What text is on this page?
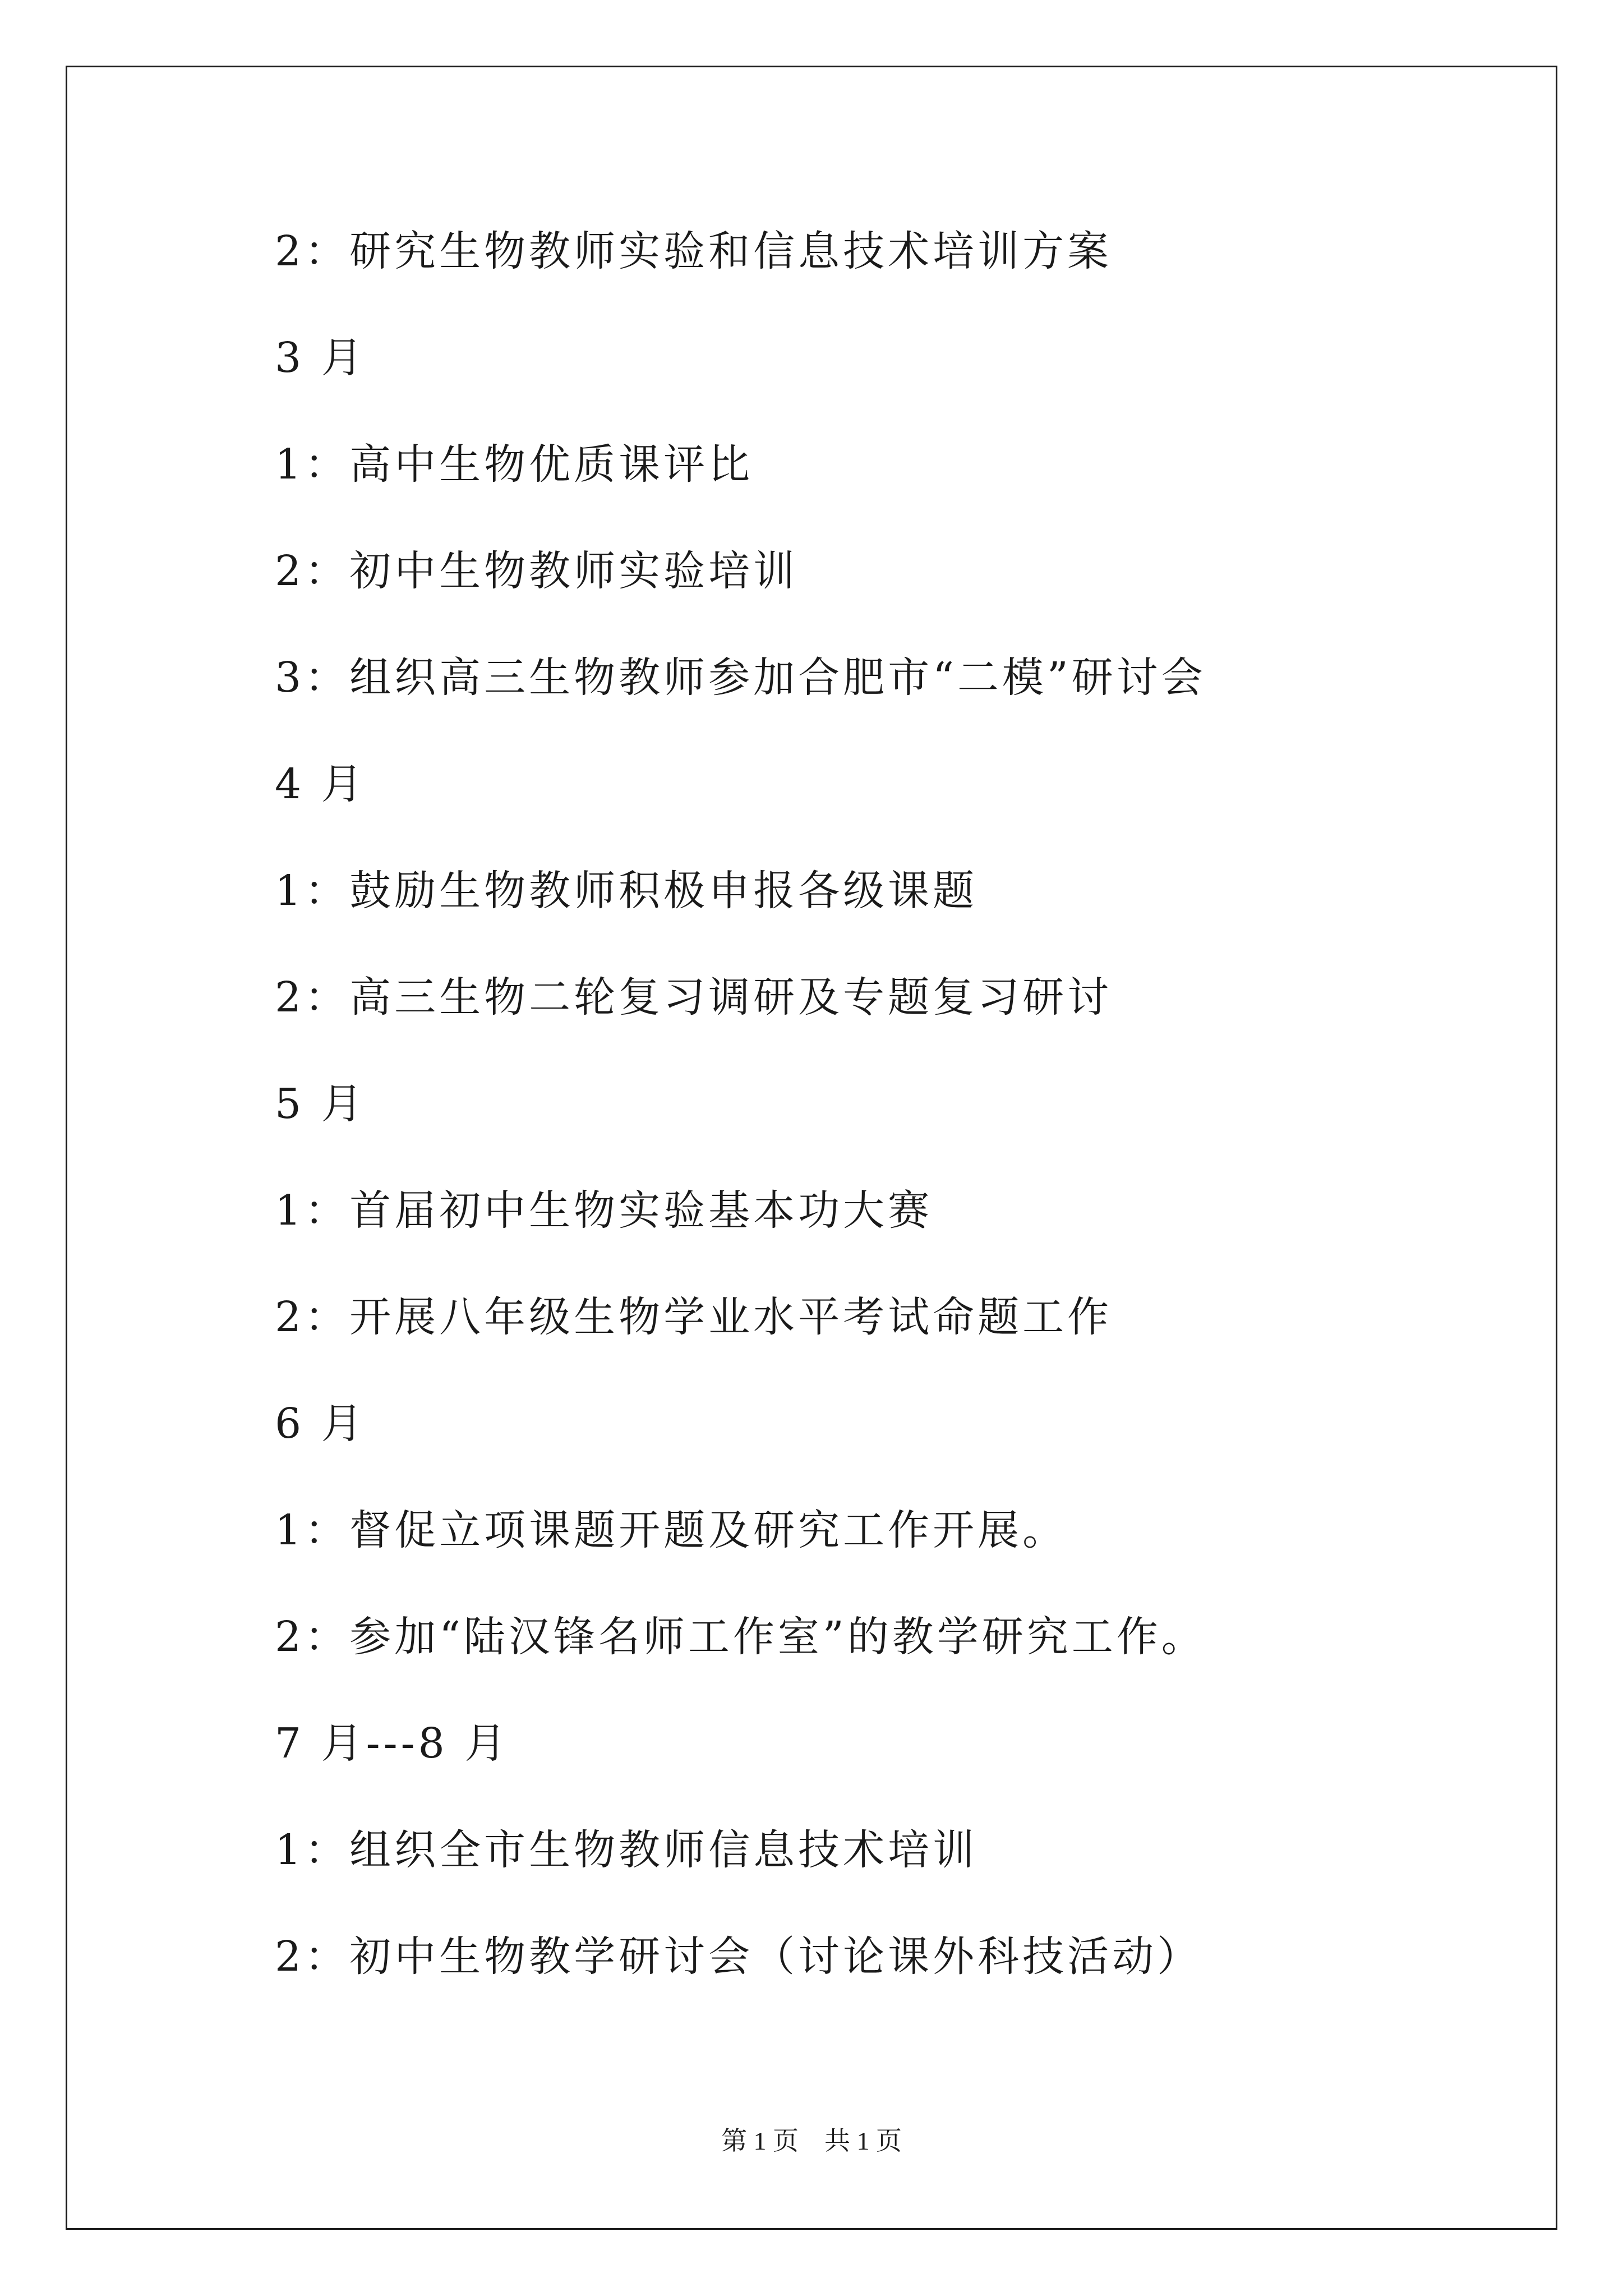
2：研究生物教师实验和信息技术培训方案
3 月
1：高中生物优质课评比
2：初中生物教师实验培训
3：组织高三生物教师参加合肥市“二模”研讨会
4 月
1：鼓励生物教师积极申报各级课题
2：高三生物二轮复习调研及专题复习研讨
5 月
1：首届初中生物实验基本功大赛
2：开展八年级生物学业水平考试命题工作
6 月
1：督促立项课题开题及研究工作开展。
2：参加“陆汉锋名师工作室”的教学研究工作。
7 月---8 月
1：组织全市生物教师信息技术培训
2：初中生物教学研讨会（讨论课外科技活动）
第 1 页    共 1 页
